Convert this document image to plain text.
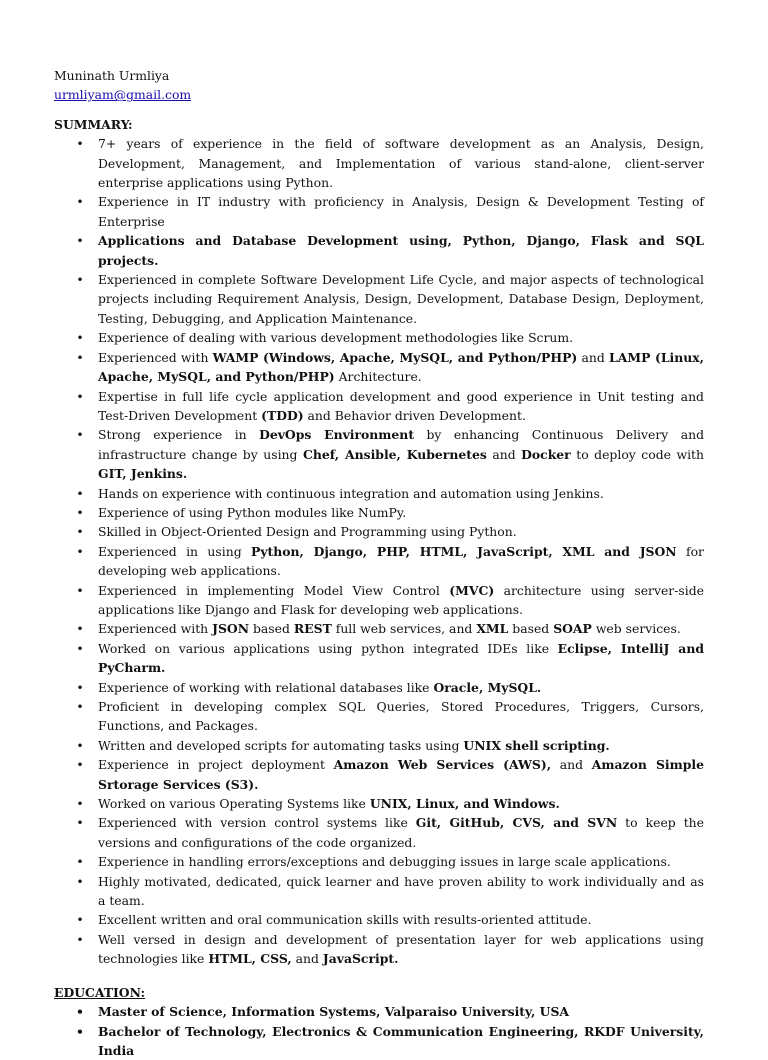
Muninath Urmliya
urmliyam@gmail.com
SUMMARY:
• 7+ years of experience in the field of software development as an Analysis, Design, Development, Management, and Implementation of various stand-alone, client-server enterprise applications using Python.
• Experience in IT industry with proficiency in Analysis, Design & Development Testing of Enterprise
• Applications and Database Development using, Python, Django, Flask and SQL projects.
• Experienced in complete Software Development Life Cycle, and major aspects of technological projects including Requirement Analysis, Design, Development, Database Design, Deployment, Testing, Debugging, and Application Maintenance.
• Experience of dealing with various development methodologies like Scrum.
• Experienced with WAMP (Windows, Apache, MySQL, and Python/PHP) and LAMP (Linux, Apache, MySQL, and Python/PHP) Architecture.
• Expertise in full life cycle application development and good experience in Unit testing and Test-Driven Development (TDD) and Behavior driven Development.
• Strong experience in DevOps Environment by enhancing Continuous Delivery and infrastructure change by using Chef, Ansible, Kubernetes and Docker to deploy code with GIT, Jenkins.
• Hands on experience with continuous integration and automation using Jenkins.
• Experience of using Python modules like NumPy.
• Skilled in Object-Oriented Design and Programming using Python.
• Experienced in using Python, Django, PHP, HTML, JavaScript, XML and JSON for developing web applications.
• Experienced in implementing Model View Control (MVC) architecture using server-side applications like Django and Flask for developing web applications.
• Experienced with JSON based REST full web services, and XML based SOAP web services.
• Worked on various applications using python integrated IDEs like Eclipse, IntelliJ and PyCharm.
• Experience of working with relational databases like Oracle, MySQL.
• Proficient in developing complex SQL Queries, Stored Procedures, Triggers, Cursors, Functions, and Packages.
• Written and developed scripts for automating tasks using UNIX shell scripting.
• Experience in project deployment Amazon Web Services (AWS), and Amazon Simple Srtorage Services (S3).
• Worked on various Operating Systems like UNIX, Linux, and Windows.
• Experienced with version control systems like Git, GitHub, CVS, and SVN to keep the versions and configurations of the code organized.
• Experience in handling errors/exceptions and debugging issues in large scale applications.
• Highly motivated, dedicated, quick learner and have proven ability to work individually and as a team.
• Excellent written and oral communication skills with results-oriented attitude.
• Well versed in design and development of presentation layer for web applications using technologies like HTML, CSS, and JavaScript.
EDUCATION:
• Master of Science, Information Systems, Valparaiso University, USA
• Bachelor of Technology, Electronics & Communication Engineering, RKDF University, India
